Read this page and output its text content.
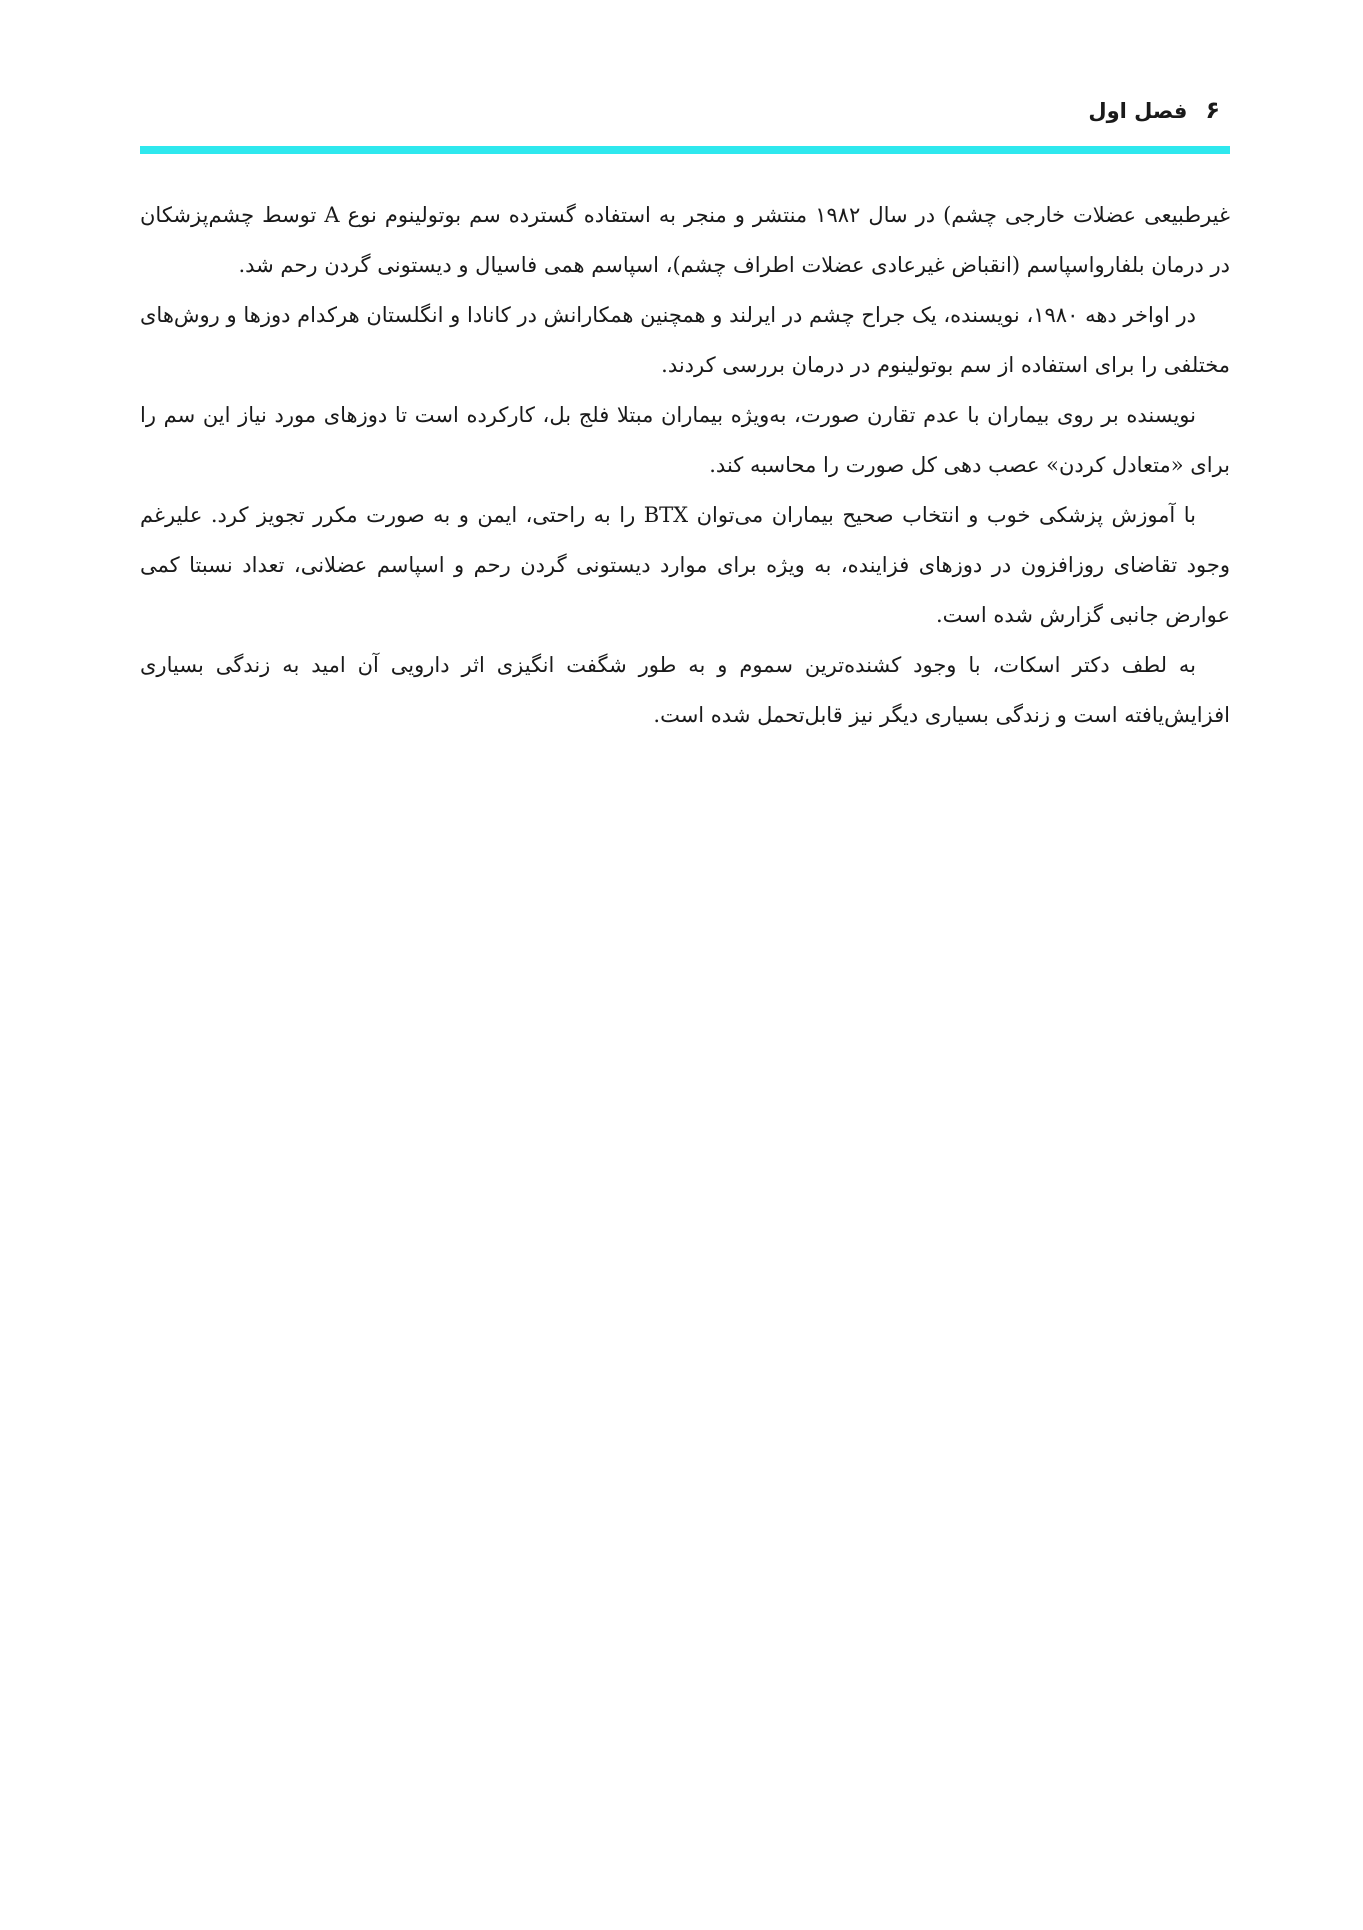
۶فصل اول

غیرطبیعی عضلات خارجی چشم) در سال ۱۹۸۲ منتشر و منجر به استفاده گسترده سم بوتولینوم نوع A توسط چشم‌پزشکان در درمان بلفارواسپاسم (انقباض غیرعادی عضلات اطراف چشم)، اسپاسم همی فاسیال و دیستونی گردن رحم شد.

در اواخر دهه ۱۹۸۰، نویسنده، یک جراح چشم در ایرلند و همچنین همکارانش در کانادا و انگلستان هرکدام دوزها و روش‌های مختلفی را برای استفاده از سم بوتولینوم در درمان بررسی کردند.

نویسنده بر روی بیماران با عدم تقارن صورت، به‌ویژه بیماران مبتلا فلج بل، کارکرده است تا دوزهای مورد نیاز این سم را برای «متعادل کردن» عصب دهی کل صورت را محاسبه کند.

با آموزش پزشکی خوب و انتخاب صحیح بیماران می‌توان BTX را به راحتی، ایمن و به صورت مکرر تجویز کرد. علیرغم وجود تقاضای روزافزون در دوزهای فزاینده، به ویژه برای موارد دیستونی گردن رحم و اسپاسم عضلانی، تعداد نسبتا کمی عوارض جانبی گزارش شده است.

به لطف دکتر اسکات، با وجود کشنده‌ترین سموم و به طور شگفت انگیزی اثر دارویی آن امید به زندگی بسیاری افزایش‌یافته است و زندگی بسیاری دیگر نیز قابل‌تحمل شده است.
